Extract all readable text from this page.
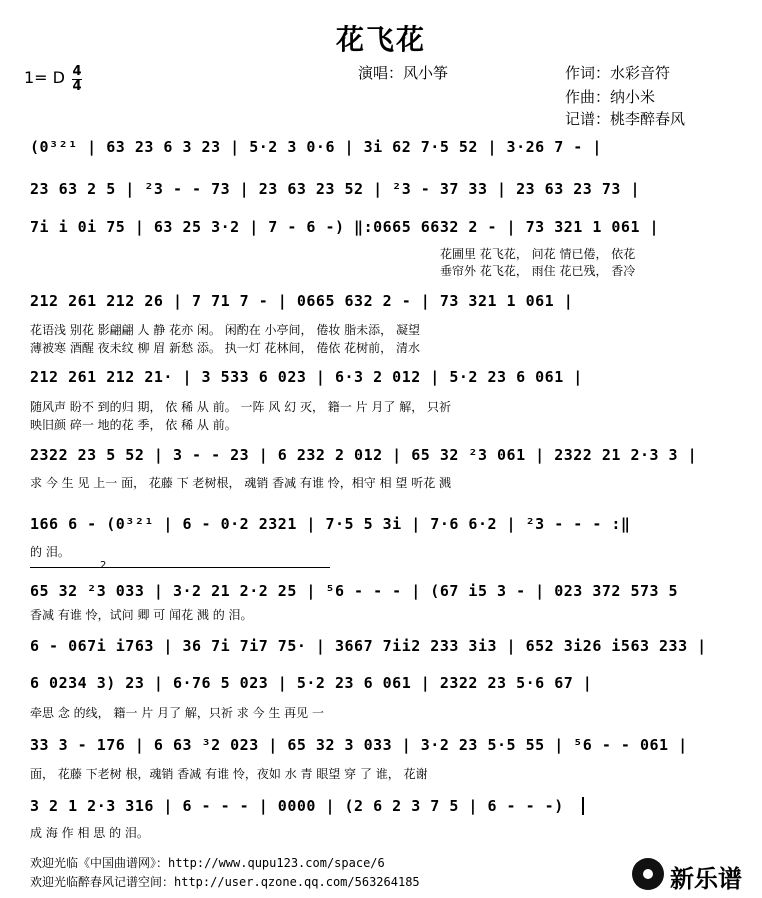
花飞花
演唱：风小筝	作词：水彩音符
作曲：纳小米
记谱：桃李醉春风
1= D 4
4
(0³²¹ | 63 23 6 3 23 | 5·2 3 0·6 | 3i 62 7·5 52 | 3·26 7 - |
23 63 2 5 | ²3 - - 73 | 23 63 23 52 | ²3 - 37 33 | 23 63 23 73 |
7i i 0i 75 | 63 25 3·2 | 7 - 6 -) ‖:0665 6632 2 - | 73 321 1 061 |
花圃里 花飞花， 问花 情已倦， 依花
垂帘外 花飞花， 雨住 花已残， 香冷
212 261 212 26 | 7 71 7 - | 0665 632 2 - | 73 321 1 061 |
花语浅 别花 影翩翩 人 静 花亦 闲。 闲酌在 小亭间， 倦妆 脂未添， 凝望
薄被寒 酒醒 夜未纹 柳 眉 新愁 添。 执一灯 花林间， 倦依 花树前， 清水
212 261 212 21· | 3 533 6 023 | 6·3 2 012 | 5·2 23 6 061 |
随风声 盼不 到的归 期， 依 稀 从 前。 一阵 风 幻 灭， 籍一 片 月了 解， 只祈
映旧颜 碎一 地的花 季， 依 稀 从 前。
2322 23 5 52 | 3 - - 23 | 6 232 2 012 | 65 32 ²3 061 | 2322 21 2·3 3 |
求 今 生 见 上一 面， 花藤 下 老树根， 魂销 香减 有谁 怜，相守 相 望 听花 溅
166 6 - (0³²¹ | 6 - 0·2 2321 | 7·5 5 3i | 7·6 6·2 | ²3 - - - :‖
的 泪。
2
65 32 ²3 033 | 3·2 21 2·2 25 | ⁵6 - - - | (67 i5 3 - | 023 372 573 5
香减 有谁 怜，试问 卿 可 闻花 溅 的 泪。
6 - 067i i763 | 36 7i 7i7 75· | 3667 7ii2 233 3i3 | 652 3i26 i563 233 |
6 0234 3) 23 | 6·76 5 023 | 5·2 23 6 061 | 2322 23 5·6 67 |
牵思 念 的线， 籍一 片 月了 解，只祈 求 今 生 再见 一
33 3 - 176 | 6 63 ³2 023 | 65 32 3 033 | 3·2 23 5·5 55 | ⁵6 - - 061 |
面， 花藤 下老树 根，魂销 香减 有谁 怜，夜如 水 青 眼望 穿 了 谁， 花谢
3 2 1 2·3 316 | 6 - - - | 0000 | (2 6 2 3 7 5 | 6 - - -)
成 海 作 相 思 的 泪。
欢迎光临《中国曲谱网》：http://www.qupu123.com/space/6
欢迎光临醉春风记谱空间：http://user.qzone.qq.com/563264185	新乐谱
